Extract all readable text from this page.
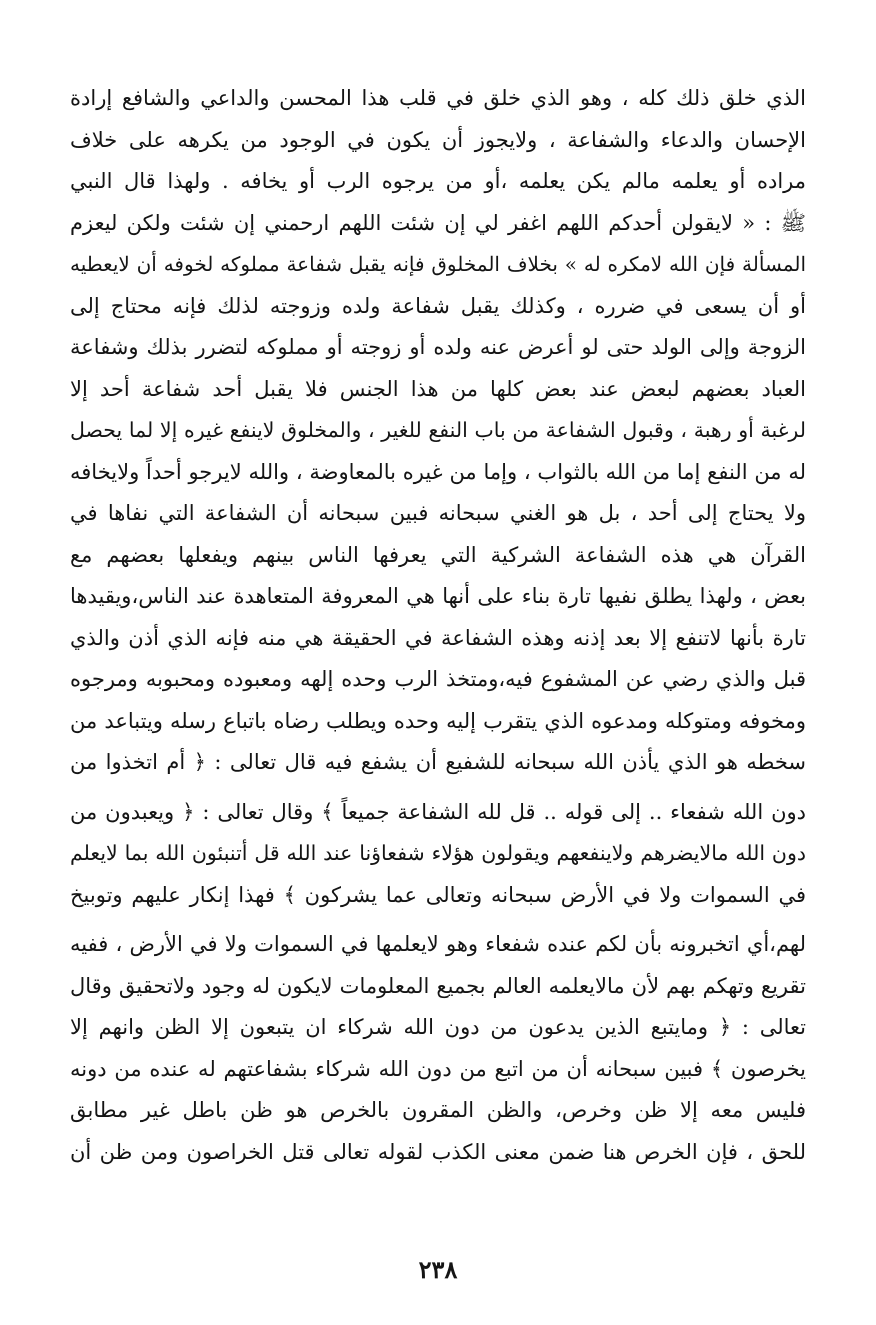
الذي خلق ذلك كله ، وهو الذي خلق في قلب هذا المحسن والداعي والشافع إرادة
الإحسان والدعاء والشفاعة ، ولايجوز أن يكون في الوجود من يكرهه على خلاف
مراده أو يعلمه مالم يكن يعلمه ،أو من يرجوه الرب أو يخافه . ولهذا قال النبي
ﷺ : « لايقولن أحدكم اللهم اغفر لي إن شئت اللهم ارحمني إن شئت ولكن ليعزم
المسألة فإن الله لامكره له » بخلاف المخلوق فإنه يقبل شفاعة مملوكه لخوفه أن لايعطيه
أو أن يسعى في ضرره ، وكذلك يقبل شفاعة ولده وزوجته لذلك فإنه محتاج إلى
الزوجة وإلى الولد حتى لو أعرض عنه ولده أو زوجته أو مملوكه لتضرر بذلك وشفاعة
العباد بعضهم لبعض عند بعض كلها من هذا الجنس فلا يقبل أحد شفاعة أحد إلا
لرغبة أو رهبة ، وقبول الشفاعة من باب النفع للغير ، والمخلوق لاينفع غيره إلا لما يحصل
له من النفع إما من الله بالثواب ، وإما من غيره بالمعاوضة ، والله لايرجو أحداً ولايخافه
ولا يحتاج إلى أحد ، بل هو الغني سبحانه فبين سبحانه أن الشفاعة التي نفاها في
القرآن هي هذه الشفاعة الشركية التي يعرفها الناس بينهم ويفعلها بعضهم مع
بعض ، ولهذا يطلق نفيها تارة بناء على أنها هي المعروفة المتعاهدة عند الناس،ويقيدها
تارة بأنها لاتنفع إلا بعد إذنه وهذه الشفاعة في الحقيقة هي منه فإنه الذي أذن والذي
قبل والذي رضي عن المشفوع فيه،ومتخذ الرب وحده إلهه ومعبوده ومحبوبه ومرجوه
ومخوفه ومتوكله ومدعوه الذي يتقرب إليه وحده ويطلب رضاه باتباع رسله ويتباعد من
سخطه هو الذي يأذن الله سبحانه للشفيع أن يشفع فيه قال تعالى : ﴿ أم اتخذوا من
دون الله شفعاء .. إلى قوله .. قل لله الشفاعة جميعاً ﴾ وقال تعالى : ﴿ ويعبدون من
دون الله مالايضرهم ولاينفعهم ويقولون هؤلاء شفعاؤنا عند الله قل أتنبئون الله بما لايعلم
في السموات ولا في الأرض سبحانه وتعالى عما يشركون ﴾ فهذا إنكار عليهم وتوبيخ
لهم،أي اتخبرونه بأن لكم عنده شفعاء وهو لايعلمها في السموات ولا في الأرض ، ففيه
تقريع وتهكم بهم لأن مالايعلمه العالم بجميع المعلومات لايكون له وجود ولاتحقيق وقال
تعالى : ﴿ ومايتبع الذين يدعون من دون الله شركاء ان يتبعون إلا الظن وانهم إلا
يخرصون ﴾ فبين سبحانه أن من اتبع من دون الله شركاء بشفاعتهم له عنده من دونه
فليس معه إلا ظن وخرص، والظن المقرون بالخرص هو ظن باطل غير مطابق
للحق ، فإن الخرص هنا ضمن معنى الكذب لقوله تعالى قتل الخراصون ومن ظن أن
٢٣٨
